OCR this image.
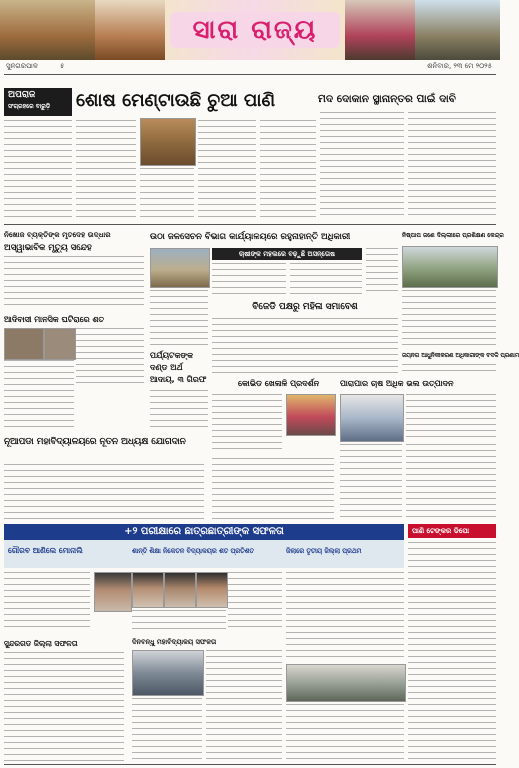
ସାରା ରାଜ୍ୟ
ସୁନଗରପାଳ	୫	ଶନିବାର, ୨୩ ମେ ୨୦୨୫
ଅପରାଜ
ସଂଗ୍ରହରେ ବାରୁଡ଼ି	ଶୋଷ ମେଣ୍ଟାଉଛି ଚୁଆ ପାଣି	ମଦ ଦୋକାନ ସ୍ଥାନାନ୍ତର ପାଇଁ ଦାବି
ନିଖୋଜ ବ୍ୟକ୍ତିଙ୍କ ମୃତଦେହ ଉଦ୍ଧାର
ଅସ୍ୱାଭାବିକ ମୃତ୍ୟୁ ସନ୍ଦେହ
ଉଠା ଜଳସେଚନ ବିଭାଗ କାର୍ଯ୍ୟାଳୟରେ ରହୁନାହାନ୍ତି ଅଧିକାରୀ
ଚାଷୀଙ୍କ ମହଲରେ ବଢ଼ୁଛି ଅସନ୍ତୋଷ
ନିଷ୍ପାପ ଜଣେ ଦିଲ୍ଲୀରେ ପ୍ରଶିକ୍ଷଣ କେନ୍ଦ୍ର
ଆଦିବାସୀ ମାନସିକ ଘଟିରାରେ ଶତ
ପର୍ଯ୍ୟଟକଙ୍କ ଦଣ୍ଡ ଅର୍ଥ ଆଦାୟ, ୩ ଗିରଫ
ବିଜେଡି ପକ୍ଷରୁ ମହିଳା ସମାବେଶ
କୋଭିଡ ଖେଳାଳି ପ୍ରଦର୍ଶନ	ପାରାପାର ଚାଷ ଅଧିକ ଭଲ ଉତ୍ପାଦନ
ଜୟନଗ ଆଧୁନିକୀକରଣ ଅଧିକାରୀଙ୍କ ବଦଳି ପ୍ରଣାମ
ନୂଆପଡା ମହାବିଦ୍ୟାଳୟରେ ନୂତନ ଅଧ୍ୟକ୍ଷ ଯୋଗଦାନ
+୨ ପରୀକ୍ଷାରେ ଛାତ୍ରଛାତ୍ରୀଙ୍କ ସଫଳତା
ଗୌରବ ଆଣିଲେ ମୋନାଲି	ଶାନ୍ତି ଶିକ୍ଷା ନିକେତନ ବିଦ୍ୟାଳୟର ଶତ ପ୍ରତିଶତ	ଜିଲାରେ ତୃତୀୟ ଜିଲ୍ଲା ପ୍ରଥମ
ସୁନ୍ଦରଗଡ ଜିଲ୍ଲା ସଫଳତା	ଦିନବନ୍ଧୁ ମହାବିଦ୍ୟାଳୟ ସଫଳତା
ପାଣି ଟେଙ୍କର ଡିପୋ
